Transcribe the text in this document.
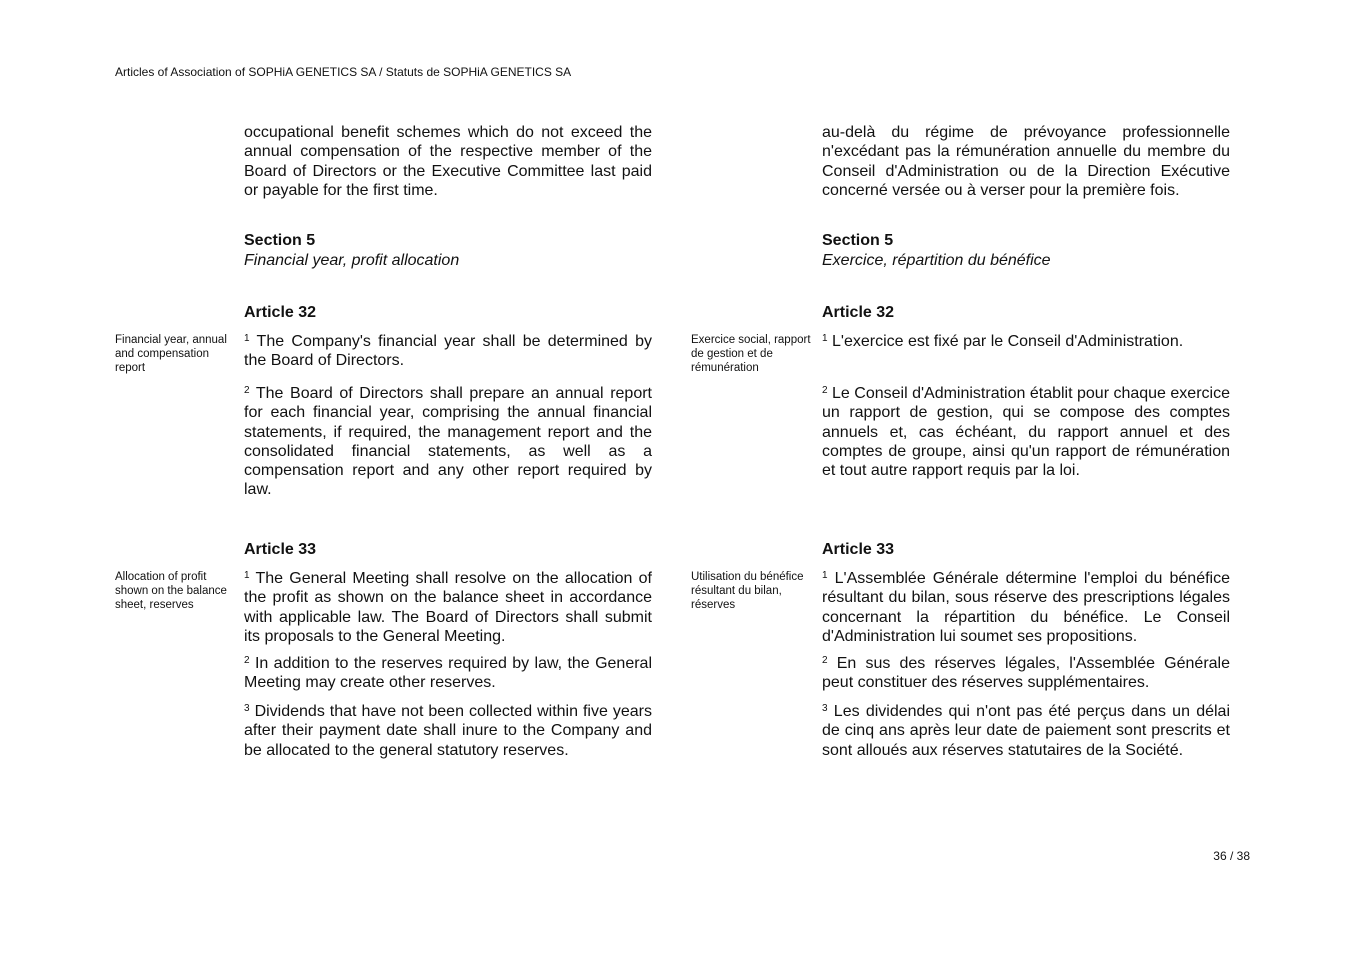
Articles of Association of SOPHiA GENETICS SA / Statuts de SOPHiA GENETICS SA
occupational benefit schemes which do not exceed the annual compensation of the respective member of the Board of Directors or the Executive Committee last paid or payable for the first time.
Section 5
Financial year, profit allocation
Article 32
Financial year, annual and compensation report
$^1$ The Company's financial year shall be determined by the Board of Directors.
$^2$ The Board of Directors shall prepare an annual report for each financial year, comprising the annual financial statements, if required, the management report and the consolidated financial statements, as well as a compensation report and any other report required by law.
Article 33
Allocation of profit shown on the balance sheet, reserves
$^1$ The General Meeting shall resolve on the allocation of the profit as shown on the balance sheet in accordance with applicable law. The Board of Directors shall submit its proposals to the General Meeting.
$^2$ In addition to the reserves required by law, the General Meeting may create other reserves.
$^3$ Dividends that have not been collected within five years after their payment date shall inure to the Company and be allocated to the general statutory reserves.
au-delà du régime de prévoyance professionnelle n'excédant pas la rémunération annuelle du membre du Conseil d'Administration ou de la Direction Exécutive concerné versée ou à verser pour la première fois.
Section 5
Exercice, répartition du bénéfice
Article 32
Exercice social, rapport de gestion et de rémunération
$^1$ L'exercice est fixé par le Conseil d'Administration.
$^2$ Le Conseil d'Administration établit pour chaque exercice un rapport de gestion, qui se compose des comptes annuels et, cas échéant, du rapport annuel et des comptes de groupe, ainsi qu'un rapport de rémunération et tout autre rapport requis par la loi.
Article 33
Utilisation du bénéfice résultant du bilan, réserves
$^1$ L'Assemblée Générale détermine l'emploi du bénéfice résultant du bilan, sous réserve des prescriptions légales concernant la répartition du bénéfice. Le Conseil d'Administration lui soumet ses propositions.
$^2$ En sus des réserves légales, l'Assemblée Générale peut constituer des réserves supplémentaires.
$^3$ Les dividendes qui n'ont pas été perçus dans un délai de cinq ans après leur date de paiement sont prescrits et sont alloués aux réserves statutaires de la Société.
36 / 38
